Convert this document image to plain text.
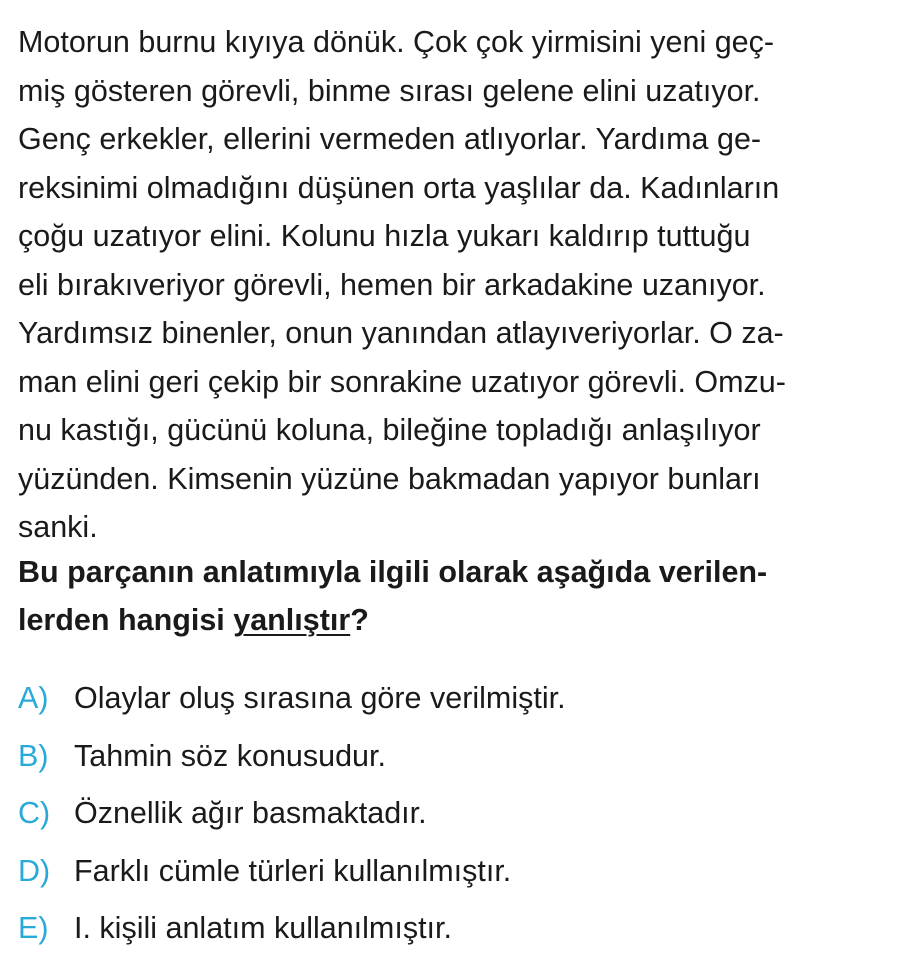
Motorun burnu kıyıya dönük. Çok çok yirmisini yeni geç-
miş gösteren görevli, binme sırası gelene elini uzatıyor.
Genç erkekler, ellerini vermeden atlıyorlar. Yardıma ge-
reksinimi olmadığını düşünen orta yaşlılar da. Kadınların
çoğu uzatıyor elini. Kolunu hızla yukarı kaldırıp tuttuğu
eli bırakıveriyor görevli, hemen bir arkadakine uzanıyor.
Yardımsız binenler, onun yanından atlayıveriyorlar. O za-
man elini geri çekip bir sonrakine uzatıyor görevli. Omzu-
nu kastığı, gücünü koluna, bileğine topladığı anlaşılıyor
yüzünden. Kimsenin yüzüne bakmadan yapıyor bunları
sanki.
Bu parçanın anlatımıyla ilgili olarak aşağıda verilen-
lerden hangisi yanlıştır?
A) Olaylar oluş sırasına göre verilmiştir.
B) Tahmin söz konusudur.
C) Öznellik ağır basmaktadır.
D) Farklı cümle türleri kullanılmıştır.
E) I. kişili anlatım kullanılmıştır.
